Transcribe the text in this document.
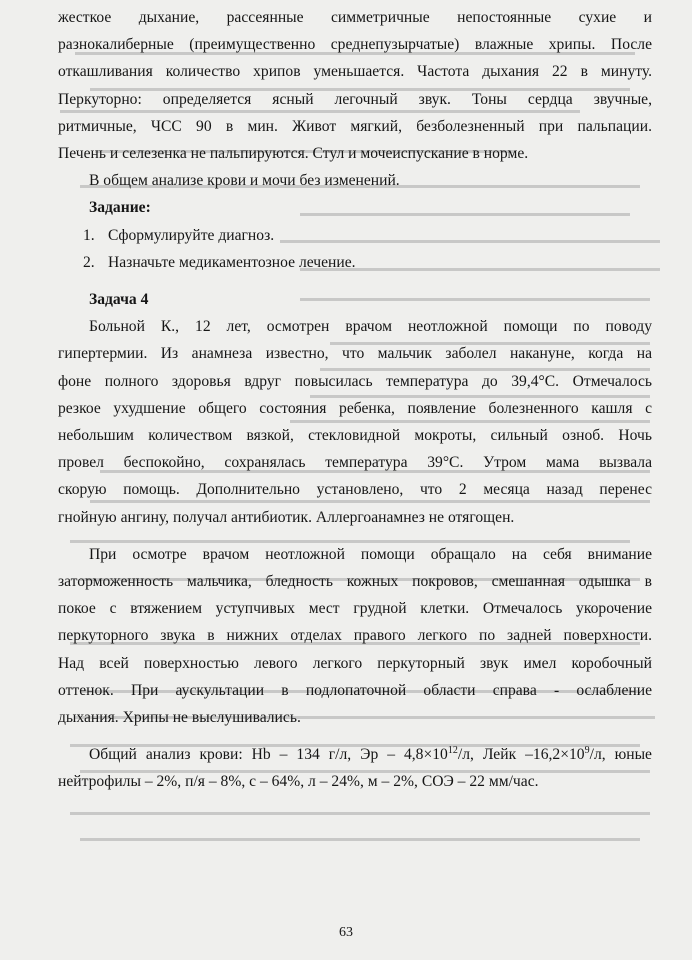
жесткое дыхание, рассеянные симметричные непостоянные сухие и

разнокалиберные (преимущественно среднепузырчатые) влажные хрипы. После

откашливания количество хрипов уменьшается. Частота дыхания 22 в минуту.

Перкуторно: определяется ясный легочный звук. Тоны сердца звучные,

ритмичные, ЧСС 90 в мин. Живот мягкий, безболезненный при пальпации.

Печень и селезенка не пальпируются. Стул и мочеиспускание в норме.

В общем анализе крови и мочи без изменений.

Задание:

1. Сформулируйте диагноз.
2. Назначьте медикаментозное лечение.

Задача 4

Больной К., 12 лет, осмотрен врачом неотложной помощи по поводу

гипертермии. Из анамнеза известно, что мальчик заболел накануне, когда на

фоне полного здоровья вдруг повысилась температура до 39,4°С. Отмечалось

резкое ухудшение общего состояния ребенка, появление болезненного кашля с

небольшим количеством вязкой, стекловидной мокроты, сильный озноб. Ночь

провел беспокойно, сохранялась температура 39°С. Утром мама вызвала

скорую помощь. Дополнительно установлено, что 2 месяца назад перенес

гнойную ангину, получал антибиотик. Аллергоанамнез не отягощен.

При осмотре врачом неотложной помощи обращало на себя внимание

заторможенность мальчика, бледность кожных покровов, смешанная одышка в

покое с втяжением уступчивых мест грудной клетки. Отмечалось укорочение

перкуторного звука в нижних отделах правого легкого по задней поверхности.

Над всей поверхностью левого легкого перкуторный звук имел коробочный

оттенок. При аускультации в подлопаточной области справа - ослабление

дыхания. Хрипы не выслушивались.

Общий анализ крови: Hb – 134 г/л, Эр – $4,8\times 10^{12}/л$, Лейк $-16,2\times 10^9/л$, юные

нейтрофилы – 2%, п/я – 8%, с – 64%, л – 24%, м – 2%, СОЭ – 22 мм/час.

63
